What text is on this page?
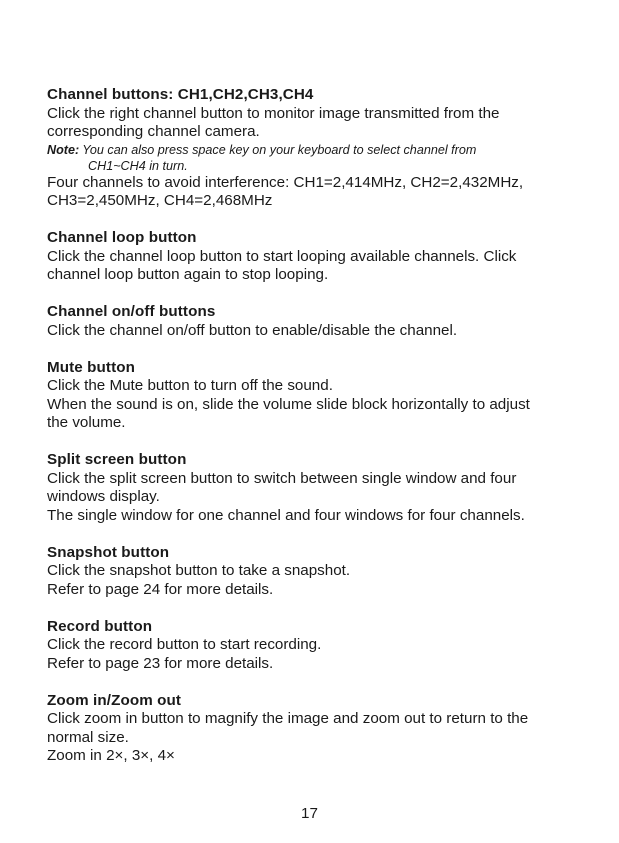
Channel buttons: CH1,CH2,CH3,CH4
Click the right channel button to monitor image transmitted from the
corresponding channel camera.
Note: You can also press space key on your keyboard to select channel from
CH1~CH4 in turn.
Four channels to avoid interference: CH1=2,414MHz, CH2=2,432MHz,
CH3=2,450MHz, CH4=2,468MHz
Channel loop button
Click the channel loop button to start looping available channels. Click
channel loop button again to stop looping.
Channel on/off buttons
Click the channel on/off button to enable/disable the channel.
Mute button
Click the Mute button to turn off the sound.
When the sound is on, slide the volume slide block horizontally to adjust
the volume.
Split screen button
Click the split screen button to switch between single window and four
windows display.
The single window for one channel and four windows for four channels.
Snapshot button
Click the snapshot button to take a snapshot.
Refer to page 24 for more details.
Record button
Click the record button to start recording.
Refer to page 23 for more details.
Zoom in/Zoom out
Click zoom in button to magnify the image and zoom out to return to the
normal size.
Zoom in 2×, 3×, 4×
17
